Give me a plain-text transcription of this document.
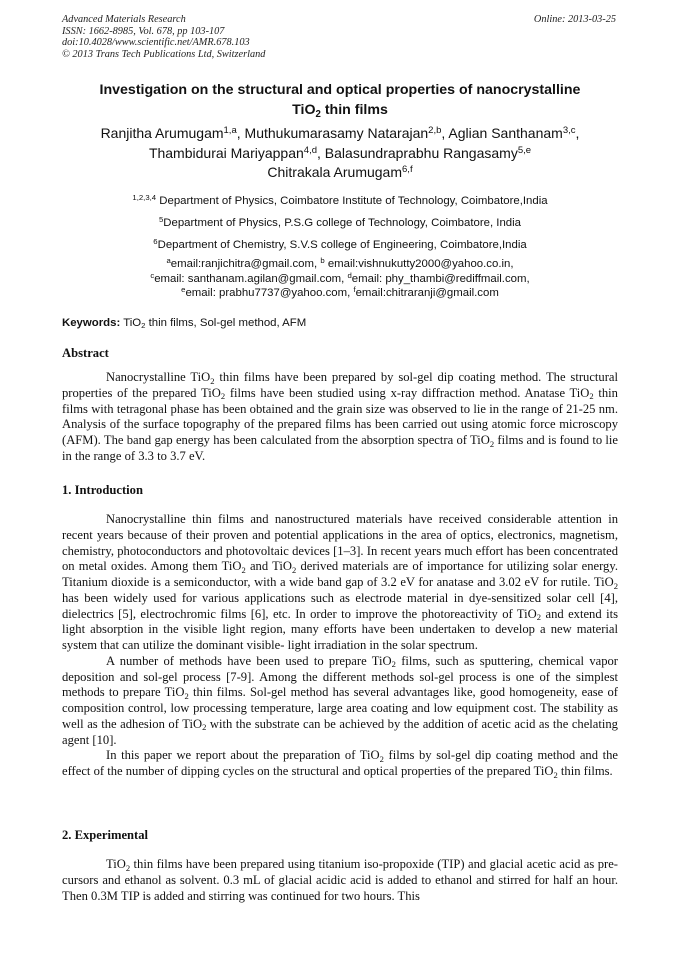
Advanced Materials Research
ISSN: 1662-8985, Vol. 678, pp 103-107
doi:10.4028/www.scientific.net/AMR.678.103
© 2013 Trans Tech Publications Ltd, Switzerland
Online: 2013-03-25
Investigation on the structural and optical properties of nanocrystalline
TiO$_2$ thin films
Ranjitha Arumugam$^{1,a}$, Muthukumarasamy Natarajan$^{2,b}$, Aglian Santhanam$^{3,c}$,
Thambidurai Mariyappan$^{4,d}$, Balasundraprabhu Rangasamy$^{5,e}$
Chitrakala Arumugam$^{6,f}$
$^{1,2,3,4}$ Department of Physics, Coimbatore Institute of Technology, Coimbatore,India
$^5$Department of Physics, P.S.G college of Technology, Coimbatore, India
$^6$Department of Chemistry, S.V.S college of Engineering, Coimbatore,India
$^a$email:ranjichitra@gmail.com, $^b$ email:vishnukutty2000@yahoo.co.in,
$^c$email: santhanam.agilan@gmail.com, $^d$email: phy_thambi@rediffmail.com,
$^e$email: prabhu7737@yahoo.com, $^f$email:chitraranji@gmail.com
Keywords: TiO$_2$ thin films, Sol-gel method, AFM
Abstract

Nanocrystalline TiO$_2$ thin films have been prepared by sol-gel dip coating method. The structural properties of the prepared TiO$_2$ films have been studied using x-ray diffraction method. Anatase TiO$_2$ thin films with tetragonal phase has been obtained and the grain size was observed to lie in the range of 21-25 nm. Analysis of the surface topography of the prepared films has been carried out using atomic force microscopy (AFM). The band gap energy has been calculated from the absorption spectra of TiO$_2$ films and is found to lie in the range of 3.3 to 3.7 eV.

1. Introduction

Nanocrystalline thin films and nanostructured materials have received considerable attention in recent years because of their proven and potential applications in the area of optics, electronics, magnetism, chemistry, photoconductors and photovoltaic devices [1–3]. In recent years much effort has been concentrated on metal oxides. Among them TiO$_2$ and TiO$_2$ derived materials are of importance for utilizing solar energy. Titanium dioxide is a semiconductor, with a wide band gap of 3.2 eV for anatase and 3.02 eV for rutile. TiO$_2$ has been widely used for various applications such as electrode material in dye-sensitized solar cell [4], dielectrics [5], electrochromic films [6], etc. In order to improve the photoreactivity of TiO$_2$ and extend its light absorption in the visible light region, many efforts have been undertaken to develop a new material system that can utilize the dominant visible- light irradiation in the solar spectrum.

A number of methods have been used to prepare TiO$_2$ films, such as sputtering, chemical vapor deposition and sol-gel process [7-9]. Among the different methods sol-gel process is one of the simplest methods to prepare TiO$_2$ thin films. Sol-gel method has several advantages like, good homogeneity, ease of composition control, low processing temperature, large area coating and low equipment cost. The stability as well as the adhesion of TiO$_2$ with the substrate can be achieved by the addition of acetic acid as the chelating agent [10].

In this paper we report about the preparation of TiO$_2$ films by sol-gel dip coating method and the effect of the number of dipping cycles on the structural and optical properties of the prepared TiO$_2$ thin films.

2. Experimental

TiO$_2$ thin films have been prepared using titanium iso-propoxide (TIP) and glacial acetic acid as pre-cursors and ethanol as solvent. 0.3 mL of glacial acidic acid is added to ethanol and stirred for half an hour. Then 0.3M TIP is added and stirring was continued for two hours. This
